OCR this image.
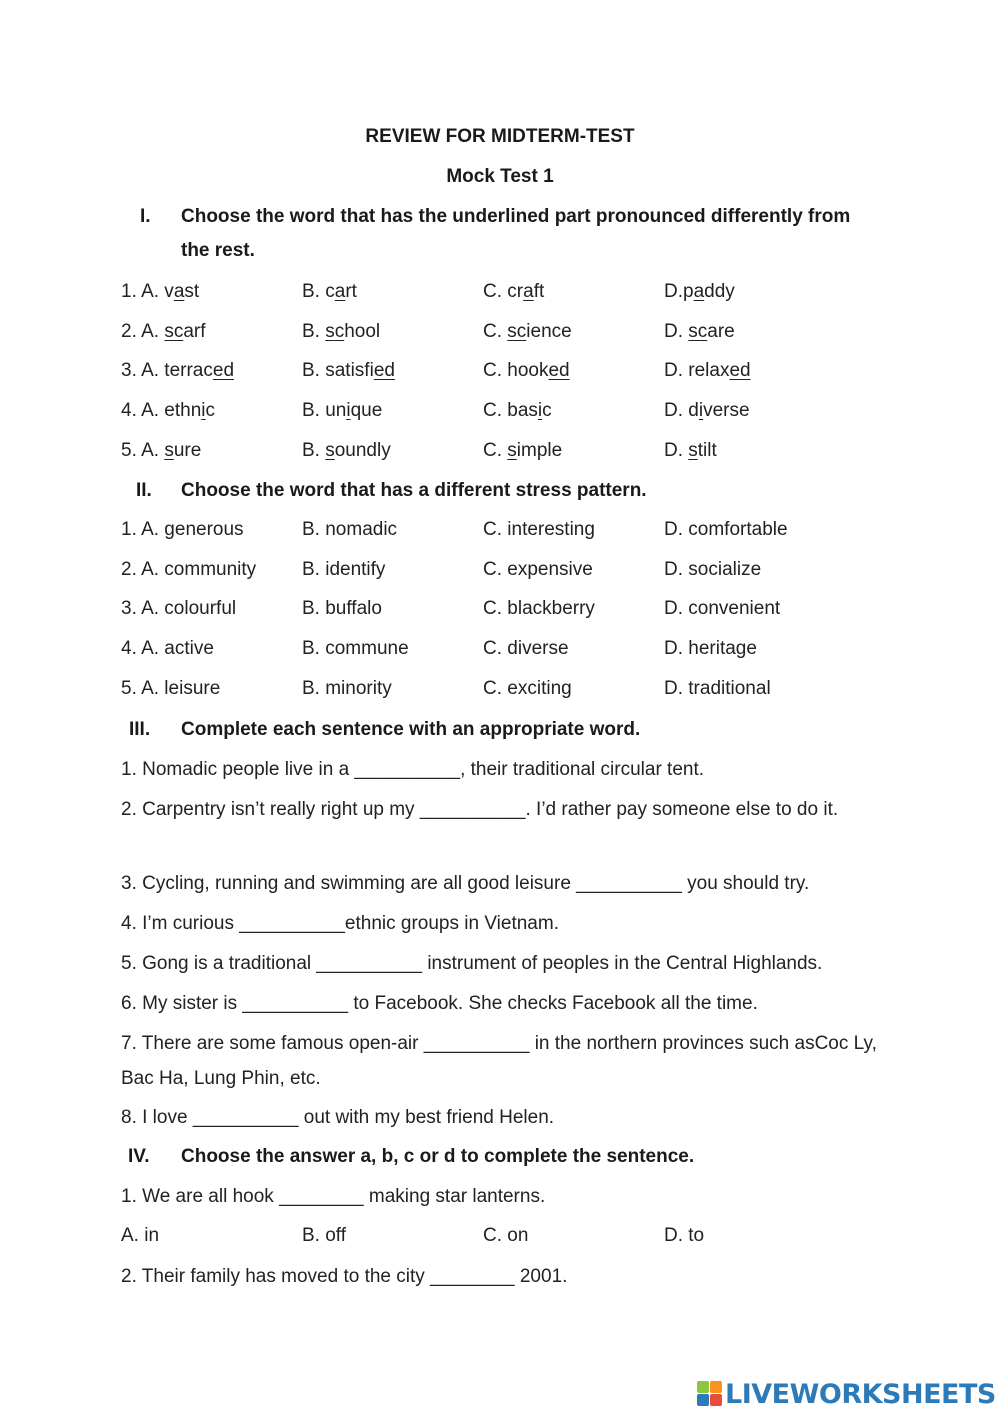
REVIEW FOR MIDTERM-TEST
Mock Test 1
I. Choose the word that has the underlined part pronounced differently from the rest.
1. A. vast	B. cart	C. craft	D.paddy
2. A. scarf	B. school	C. science	D. scare
3. A. terraced	B. satisfied	C. hooked	D. relaxed
4. A. ethnic	B. unique	C. basic	D. diverse
5. A. sure	B. soundly	C. simple	D. stilt
II. Choose the word that has a different stress pattern.
1. A. generous	B. nomadic	C. interesting	D. comfortable
2. A. community B. identify	C. expensive	D. socialize
3. A. colourful	B. buffalo	C. blackberry	D. convenient
4. A. active	B. commune	C. diverse	D. heritage
5. A. leisure	B. minority	C. exciting	D. traditional
III. Complete each sentence with an appropriate word.
1. Nomadic people live in a __________, their traditional circular tent.
2. Carpentry isn’t really right up my __________. I’d rather pay someone else to do it.
3. Cycling, running and swimming are all good leisure __________ you should try.
4. I’m curious __________ethnic groups in Vietnam.
5. Gong is a traditional __________ instrument of peoples in the Central Highlands.
6. My sister is __________ to Facebook. She checks Facebook all the time.
7. There are some famous open-air __________ in the northern provinces such asCoc Ly, Bac Ha, Lung Phin, etc.
8. I love __________ out with my best friend Helen.
IV. Choose the answer a, b, c or d to complete the sentence.
1. We are all hook ________ making star lanterns.
A. in	B. off	C. on	D. to
2. Their family has moved to the city ________ 2001.
LIVEWORKSHEETS
